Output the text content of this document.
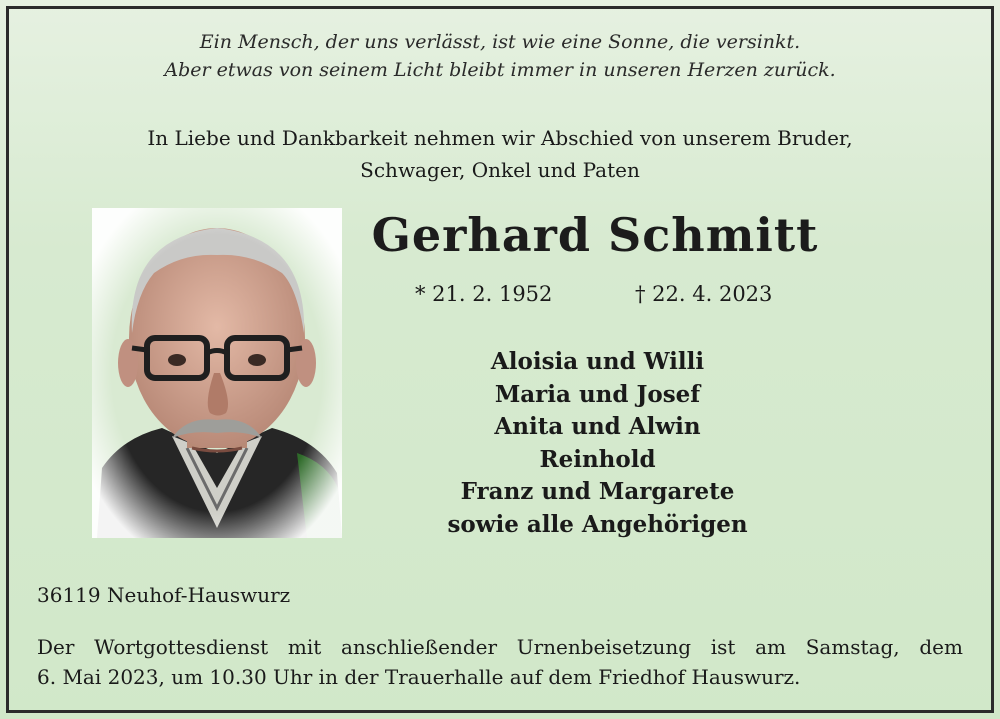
Ein Mensch, der uns verlässt, ist wie eine Sonne, die versinkt.
Aber etwas von seinem Licht bleibt immer in unseren Herzen zurück.
In Liebe und Dankbarkeit nehmen wir Abschied von unserem Bruder,
Schwager, Onkel und Paten
Gerhard Schmitt
* 21. 2. 1952	† 22. 4. 2023
Aloisia und Willi
Maria und Josef
Anita und Alwin
Reinhold
Franz und Margarete
sowie alle Angehörigen
36119 Neuhof-Hauswurz
Der Wortgottesdienst mit anschließender Urnenbeisetzung ist am Samstag, dem
6. Mai 2023, um 10.30 Uhr in der Trauerhalle auf dem Friedhof Hauswurz.
